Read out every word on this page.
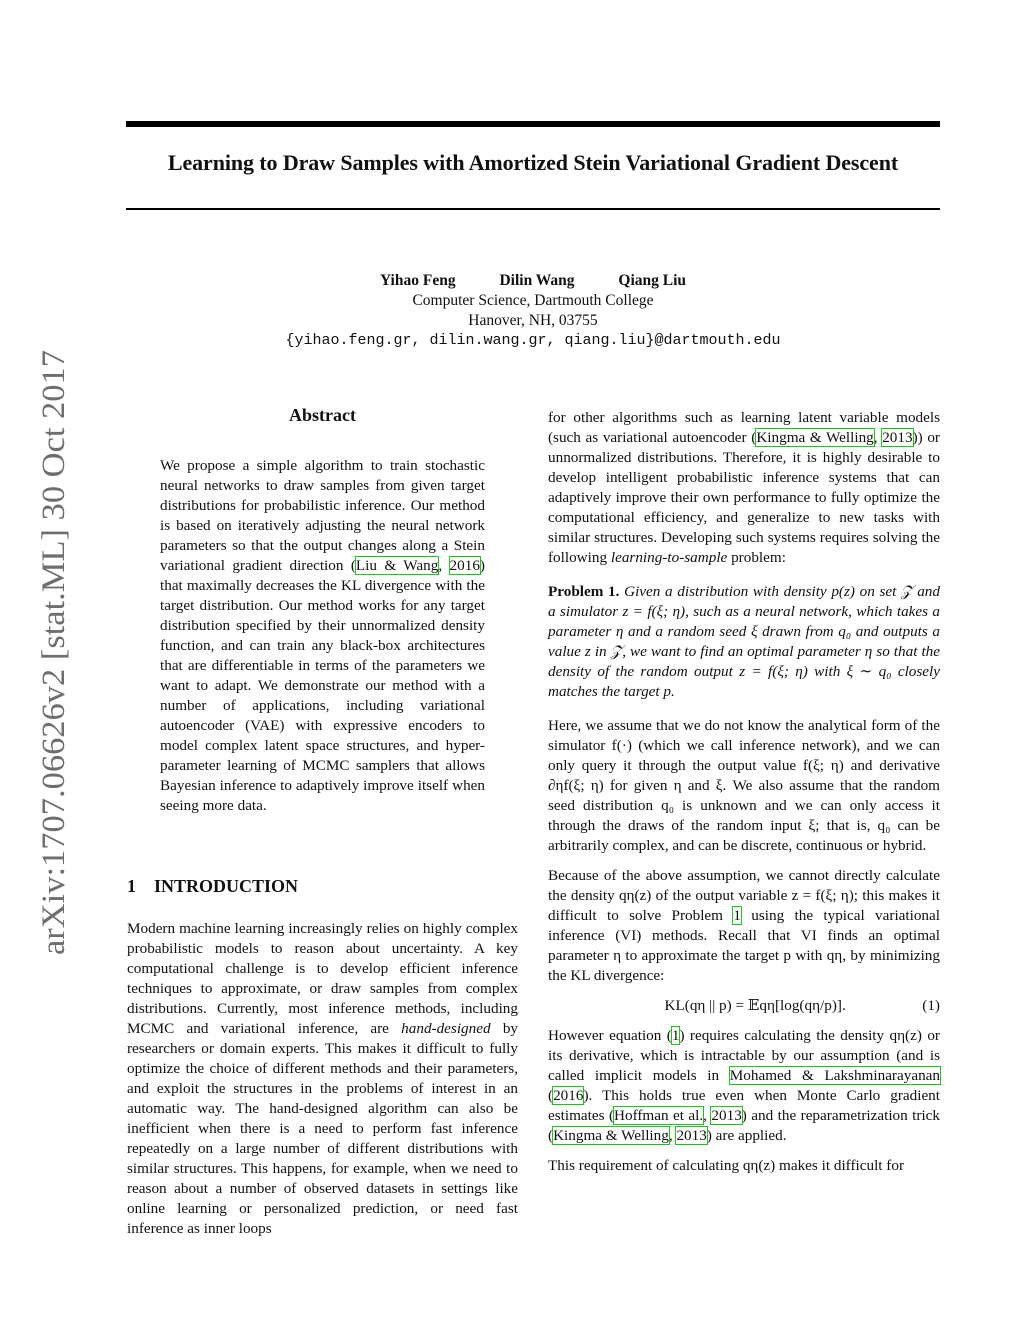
arXiv:1707.06626v2 [stat.ML] 30 Oct 2017
Learning to Draw Samples with Amortized Stein Variational Gradient Descent
Yihao Feng	Dilin Wang	Qiang Liu
Computer Science, Dartmouth College
Hanover, NH, 03755
{yihao.feng.gr, dilin.wang.gr, qiang.liu}@dartmouth.edu
Abstract

We propose a simple algorithm to train stochastic neural networks to draw samples from given target distributions for probabilistic inference. Our method is based on iteratively adjusting the neural network parameters so that the output changes along a Stein variational gradient direction (Liu & Wang, 2016) that maximally decreases the KL divergence with the target distribution. Our method works for any target distribution specified by their unnormalized density function, and can train any black-box architectures that are differentiable in terms of the parameters we want to adapt. We demonstrate our method with a number of applications, including variational autoencoder (VAE) with expressive encoders to model complex latent space structures, and hyper-parameter learning of MCMC samplers that allows Bayesian inference to adaptively improve itself when seeing more data.

1 INTRODUCTION

Modern machine learning increasingly relies on highly complex probabilistic models to reason about uncertainty. A key computational challenge is to develop efficient inference techniques to approximate, or draw samples from complex distributions. Currently, most inference methods, including MCMC and variational inference, are hand-designed by researchers or domain experts. This makes it difficult to fully optimize the choice of different methods and their parameters, and exploit the structures in the problems of interest in an automatic way. The hand-designed algorithm can also be inefficient when there is a need to perform fast inference repeatedly on a large number of different distributions with similar structures. This happens, for example, when we need to reason about a number of observed datasets in settings like online learning or personalized prediction, or need fast inference as inner loops

for other algorithms such as learning latent variable models (such as variational autoencoder (Kingma & Welling, 2013)) or unnormalized distributions. Therefore, it is highly desirable to develop intelligent probabilistic inference systems that can adaptively improve their own performance to fully optimize the computational efficiency, and generalize to new tasks with similar structures. Developing such systems requires solving the following learning-to-sample problem:

Problem 1. Given a distribution with density p(z) on set 𝒵 and a simulator z = f(ξ; η), such as a neural network, which takes a parameter η and a random seed ξ drawn from q₀ and outputs a value z in 𝒵, we want to find an optimal parameter η so that the density of the random output z = f(ξ; η) with ξ ∼ q₀ closely matches the target p.

Here, we assume that we do not know the analytical form of the simulator f(·) (which we call inference network), and we can only query it through the output value f(ξ; η) and derivative ∂ηf(ξ; η) for given η and ξ. We also assume that the random seed distribution q₀ is unknown and we can only access it through the draws of the random input ξ; that is, q₀ can be arbitrarily complex, and can be discrete, continuous or hybrid.

Because of the above assumption, we cannot directly calculate the density qη(z) of the output variable z = f(ξ; η); this makes it difficult to solve Problem 1 using the typical variational inference (VI) methods. Recall that VI finds an optimal parameter η to approximate the target p with qη, by minimizing the KL divergence:

KL(qη || p) = 𝔼qη[log(qη/p)].	(1)

However equation (1) requires calculating the density qη(z) or its derivative, which is intractable by our assumption (and is called implicit models in Mohamed & Lakshminarayanan (2016). This holds true even when Monte Carlo gradient estimates (Hoffman et al., 2013) and the reparametrization trick (Kingma & Welling, 2013) are applied.

This requirement of calculating qη(z) makes it difficult for
